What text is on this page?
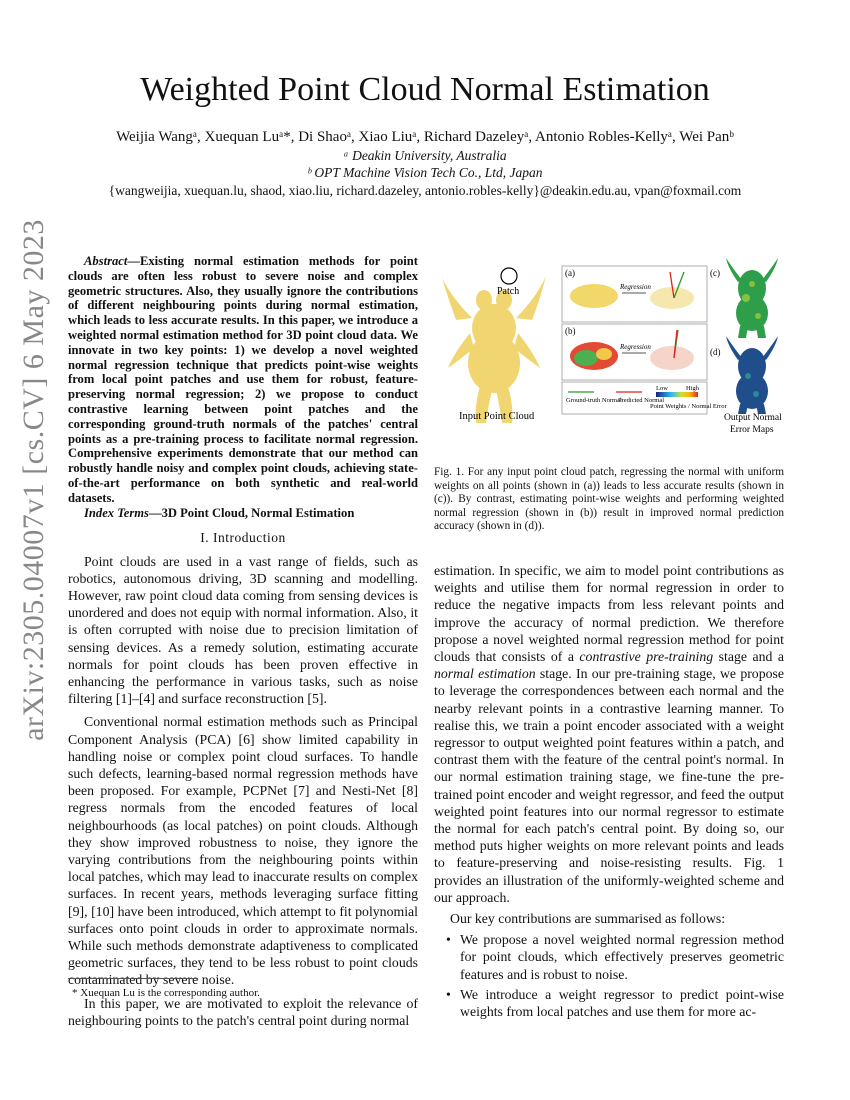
arXiv:2305.04007v1 [cs.CV] 6 May 2023
Weighted Point Cloud Normal Estimation
Weijia Wangᵃ, Xuequan Luᵃ*, Di Shaoᵃ, Xiao Liuᵃ, Richard Dazeleyᵃ, Antonio Robles-Kellyᵃ, Wei Panᵇ
ᵃ Deakin University, Australia
ᵇ OPT Machine Vision Tech Co., Ltd, Japan
{wangweijia, xuequan.lu, shaod, xiao.liu, richard.dazeley, antonio.robles-kelly}@deakin.edu.au, vpan@foxmail.com

Abstract—Existing normal estimation methods for point clouds are often less robust to severe noise and complex geometric structures. Also, they usually ignore the contributions of different neighbouring points during normal estimation, which leads to less accurate results. In this paper, we introduce a weighted normal estimation method for 3D point cloud data. We innovate in two key points: 1) we develop a novel weighted normal regression technique that predicts point-wise weights from local point patches and use them for robust, feature-preserving normal regression; 2) we propose to conduct contrastive learning between point patches and the corresponding ground-truth normals of the patches' central points as a pre-training process to facilitate normal regression. Comprehensive experiments demonstrate that our method can robustly handle noisy and complex point clouds, achieving state-of-the-art performance on both synthetic and real-world datasets.

Index Terms—3D Point Cloud, Normal Estimation

I. Introduction

Point clouds are used in a vast range of fields, such as robotics, autonomous driving, 3D scanning and modelling. However, raw point cloud data coming from sensing devices is unordered and does not equip with normal information. Also, it is often corrupted with noise due to precision limitation of sensing devices. As a remedy solution, estimating accurate normals for point clouds has been proven effective in enhancing the performance in various tasks, such as noise filtering [1]–[4] and surface reconstruction [5].

Conventional normal estimation methods such as Principal Component Analysis (PCA) [6] show limited capability in handling noise or complex point cloud surfaces. To handle such defects, learning-based normal regression methods have been proposed. For example, PCPNet [7] and Nesti-Net [8] regress normals from the encoded features of local neighbourhoods (as local patches) on point clouds. Although they show improved robustness to noise, they ignore the varying contributions from the neighbouring points within local patches, which may lead to inaccurate results on complex surfaces. In recent years, methods leveraging surface fitting [9], [10] have been introduced, which attempt to fit polynomial surfaces onto point clouds in order to approximate normals. While such methods demonstrate adaptiveness to complicated geometric surfaces, they tend to be less robust to point clouds contaminated by severe noise.

In this paper, we are motivated to exploit the relevance of neighbouring points to the patch's central point during normal

* Xuequan Lu is the corresponding author.
Patch
Input Point Cloud
(a)
Regression
(b)
Regression
Ground-truth Normal
Predicted Normal
Low	High
Point Weights / Normal Error
(c)
(d)
Output Normal
Error Maps
Fig. 1. For any input point cloud patch, regressing the normal with uniform weights on all points (shown in (a)) leads to less accurate results (shown in (c)). By contrast, estimating point-wise weights and performing weighted normal regression (shown in (b)) result in improved normal prediction accuracy (shown in (d)).

estimation. In specific, we aim to model point contributions as weights and utilise them for normal regression in order to reduce the negative impacts from less relevant points and improve the accuracy of normal prediction. We therefore propose a novel weighted normal regression method for point clouds that consists of a contrastive pre-training stage and a normal estimation stage. In our pre-training stage, we propose to leverage the correspondences between each normal and the nearby relevant points in a contrastive learning manner. To realise this, we train a point encoder associated with a weight regressor to output weighted point features within a patch, and contrast them with the feature of the central point's normal. In our normal estimation training stage, we fine-tune the pre-trained point encoder and weight regressor, and feed the output weighted point features into our normal regressor to estimate the normal for each patch's central point. By doing so, our method puts higher weights on more relevant points and leads to feature-preserving and noise-resisting results. Fig. 1 provides an illustration of the uniformly-weighted scheme and our approach.

Our key contributions are summarised as follows:

• We propose a novel weighted normal regression method for point clouds, which effectively preserves geometric features and is robust to noise.
• We introduce a weight regressor to predict point-wise weights from local patches and use them for more ac-
